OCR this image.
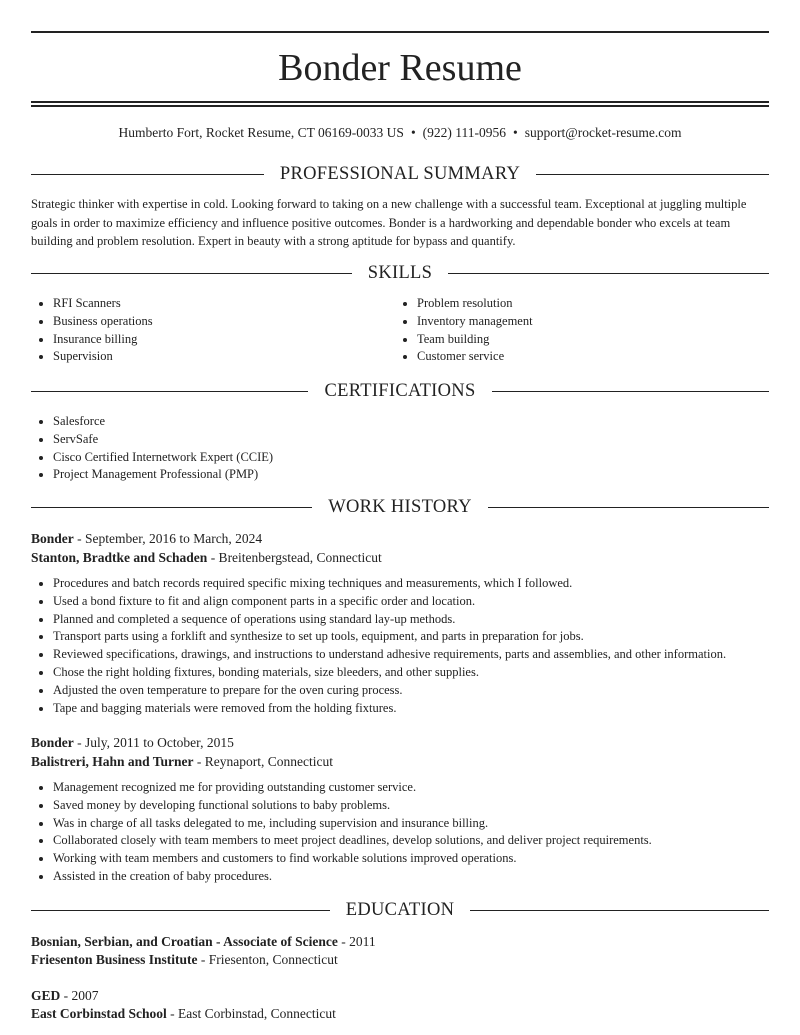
Bonder Resume
Humberto Fort, Rocket Resume, CT 06169-0033 US • (922) 111-0956 • support@rocket-resume.com
PROFESSIONAL SUMMARY

Strategic thinker with expertise in cold. Looking forward to taking on a new challenge with a successful team. Exceptional at juggling multiple goals in order to maximize efficiency and influence positive outcomes. Bonder is a hardworking and dependable bonder who excels at team building and problem resolution. Expert in beauty with a strong aptitude for bypass and quantify.

SKILLS
• RFI Scanners
• Business operations
• Insurance billing
• Supervision
• Problem resolution
• Inventory management
• Team building
• Customer service
CERTIFICATIONS
• Salesforce
• ServSafe
• Cisco Certified Internetwork Expert (CCIE)
• Project Management Professional (PMP)
WORK HISTORY
Bonder - September, 2016 to March, 2024
Stanton, Bradtke and Schaden - Breitenbergstead, Connecticut
• Procedures and batch records required specific mixing techniques and measurements, which I followed.
• Used a bond fixture to fit and align component parts in a specific order and location.
• Planned and completed a sequence of operations using standard lay-up methods.
• Transport parts using a forklift and synthesize to set up tools, equipment, and parts in preparation for jobs.
• Reviewed specifications, drawings, and instructions to understand adhesive requirements, parts and assemblies, and other information.
• Chose the right holding fixtures, bonding materials, size bleeders, and other supplies.
• Adjusted the oven temperature to prepare for the oven curing process.
• Tape and bagging materials were removed from the holding fixtures.
Bonder - July, 2011 to October, 2015
Balistreri, Hahn and Turner - Reynaport, Connecticut
• Management recognized me for providing outstanding customer service.
• Saved money by developing functional solutions to baby problems.
• Was in charge of all tasks delegated to me, including supervision and insurance billing.
• Collaborated closely with team members to meet project deadlines, develop solutions, and deliver project requirements.
• Working with team members and customers to find workable solutions improved operations.
• Assisted in the creation of baby procedures.
EDUCATION
Bosnian, Serbian, and Croatian - Associate of Science - 2011
Friesenton Business Institute - Friesenton, Connecticut
GED - 2007
East Corbinstad School - East Corbinstad, Connecticut
